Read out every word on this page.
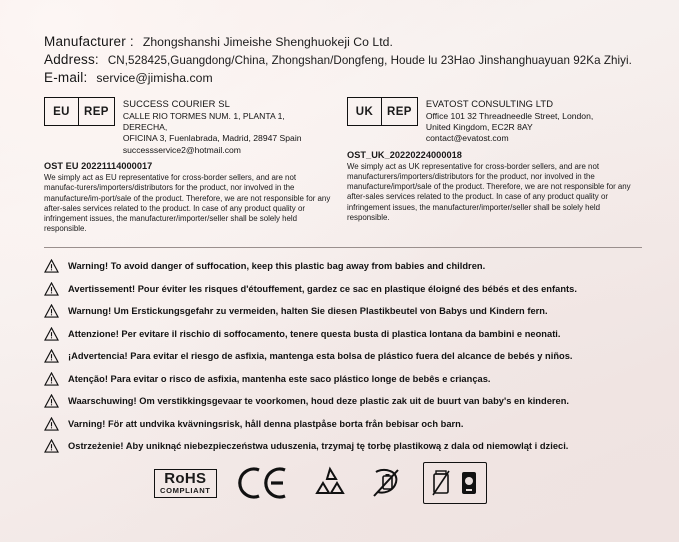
Manufacturer : Zhongshanshi Jimeishe Shenghuokeji Co Ltd.
Address: CN,528425,Guangdong/China, Zhongshan/Dongfeng, Houde lu 23Hao Jinshanghuayuan 92Ka Zhiyi.
E-mail: service@jimisha.com
EU	REP
SUCCESS COURIER SL
CALLE RIO TORMES NUM. 1, PLANTA 1, DERECHA,
OFICINA 3, Fuenlabrada, Madrid, 28947 Spain
successservice2@hotmail.com
OST EU 20221114000017
We simply act as EU representative for cross-border sellers, and are not manufac-turers/importers/distributors for the product, nor involved in the manufacture/im-port/sale of the product. Therefore, we are not responsible for any after-sales services related to the product. In case of any product quality or infringement issues, the manufacturer/importer/seller shall be solely held responsible.
UK	REP
EVATOST CONSULTING LTD
Office 101 32 Threadneedle Street, London,
United Kingdom, EC2R 8AY
contact@evatost.com
OST_UK_20220224000018
We simply act as UK representative for cross-border sellers, and are not manufacturers/importers/distributors for the product, nor involved in the manufacture/import/sale of the product. Therefore, we are not responsible for any after-sales services related to the product. In case of any product quality or infringement issues, the manufacturer/importer/seller shall be solely held responsible.
Warning! To avoid danger of suffocation, keep this plastic bag away from babies and children.
Avertissement! Pour éviter les risques d'étouffement, gardez ce sac en plastique éloigné des bébés et des enfants.
Warnung! Um Erstickungsgefahr zu vermeiden, halten Sie diesen Plastikbeutel von Babys und Kindern fern.
Attenzione! Per evitare il rischio di soffocamento, tenere questa busta di plastica lontana da bambini e neonati.
¡Advertencia! Para evitar el riesgo de asfixia, mantenga esta bolsa de plástico fuera del alcance de bebés y niños.
Atenção! Para evitar o risco de asfixia, mantenha este saco plástico longe de bebês e crianças.
Waarschuwing! Om verstikkingsgevaar te voorkomen, houd deze plastic zak uit de buurt van baby's en kinderen.
Varning! För att undvika kvävningsrisk, håll denna plastpåse borta från bebisar och barn.
Ostrzeżenie! Aby uniknąć niebezpieczeństwa uduszenia, trzymaj tę torbę plastikową z dala od niemowląt i dzieci.
RoHS
COMPLIANT
